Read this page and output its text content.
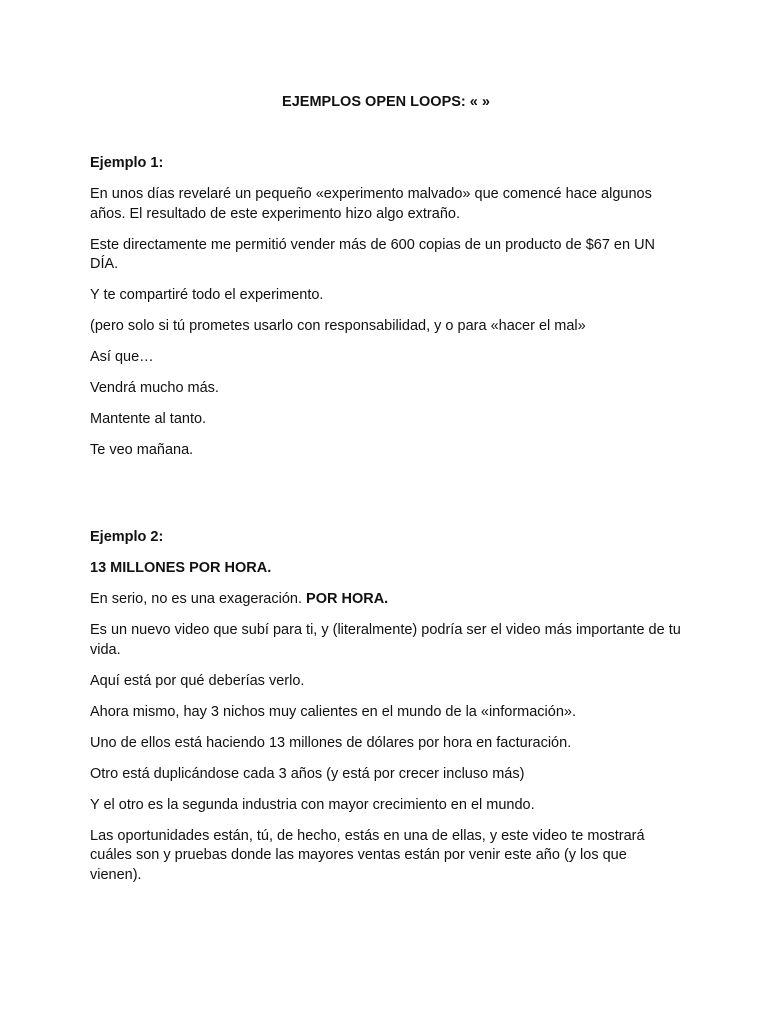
EJEMPLOS OPEN LOOPS: « »

Ejemplo 1:

En unos días revelaré un pequeño «experimento malvado» que comencé hace algunos años. El resultado de este experimento hizo algo extraño.

Este directamente me permitió vender más de 600 copias de un producto de $67 en UN DÍA.

Y te compartiré todo el experimento.

(pero solo si tú prometes usarlo con responsabilidad, y o para «hacer el mal»

Así que…

Vendrá mucho más.

Mantente al tanto.

Te veo mañana.

Ejemplo 2:

13 MILLONES POR HORA.

En serio, no es una exageración. POR HORA.

Es un nuevo video que subí para ti, y (literalmente) podría ser el video más importante de tu vida.

Aquí está por qué deberías verlo.

Ahora mismo, hay 3 nichos muy calientes en el mundo de la «información».

Uno de ellos está haciendo 13 millones de dólares por hora en facturación.

Otro está duplicándose cada 3 años (y está por crecer incluso más)

Y el otro es la segunda industria con mayor crecimiento en el mundo.

Las oportunidades están, tú, de hecho, estás en una de ellas, y este video te mostrará cuáles son y pruebas donde las mayores ventas están por venir este año (y los que vienen).
